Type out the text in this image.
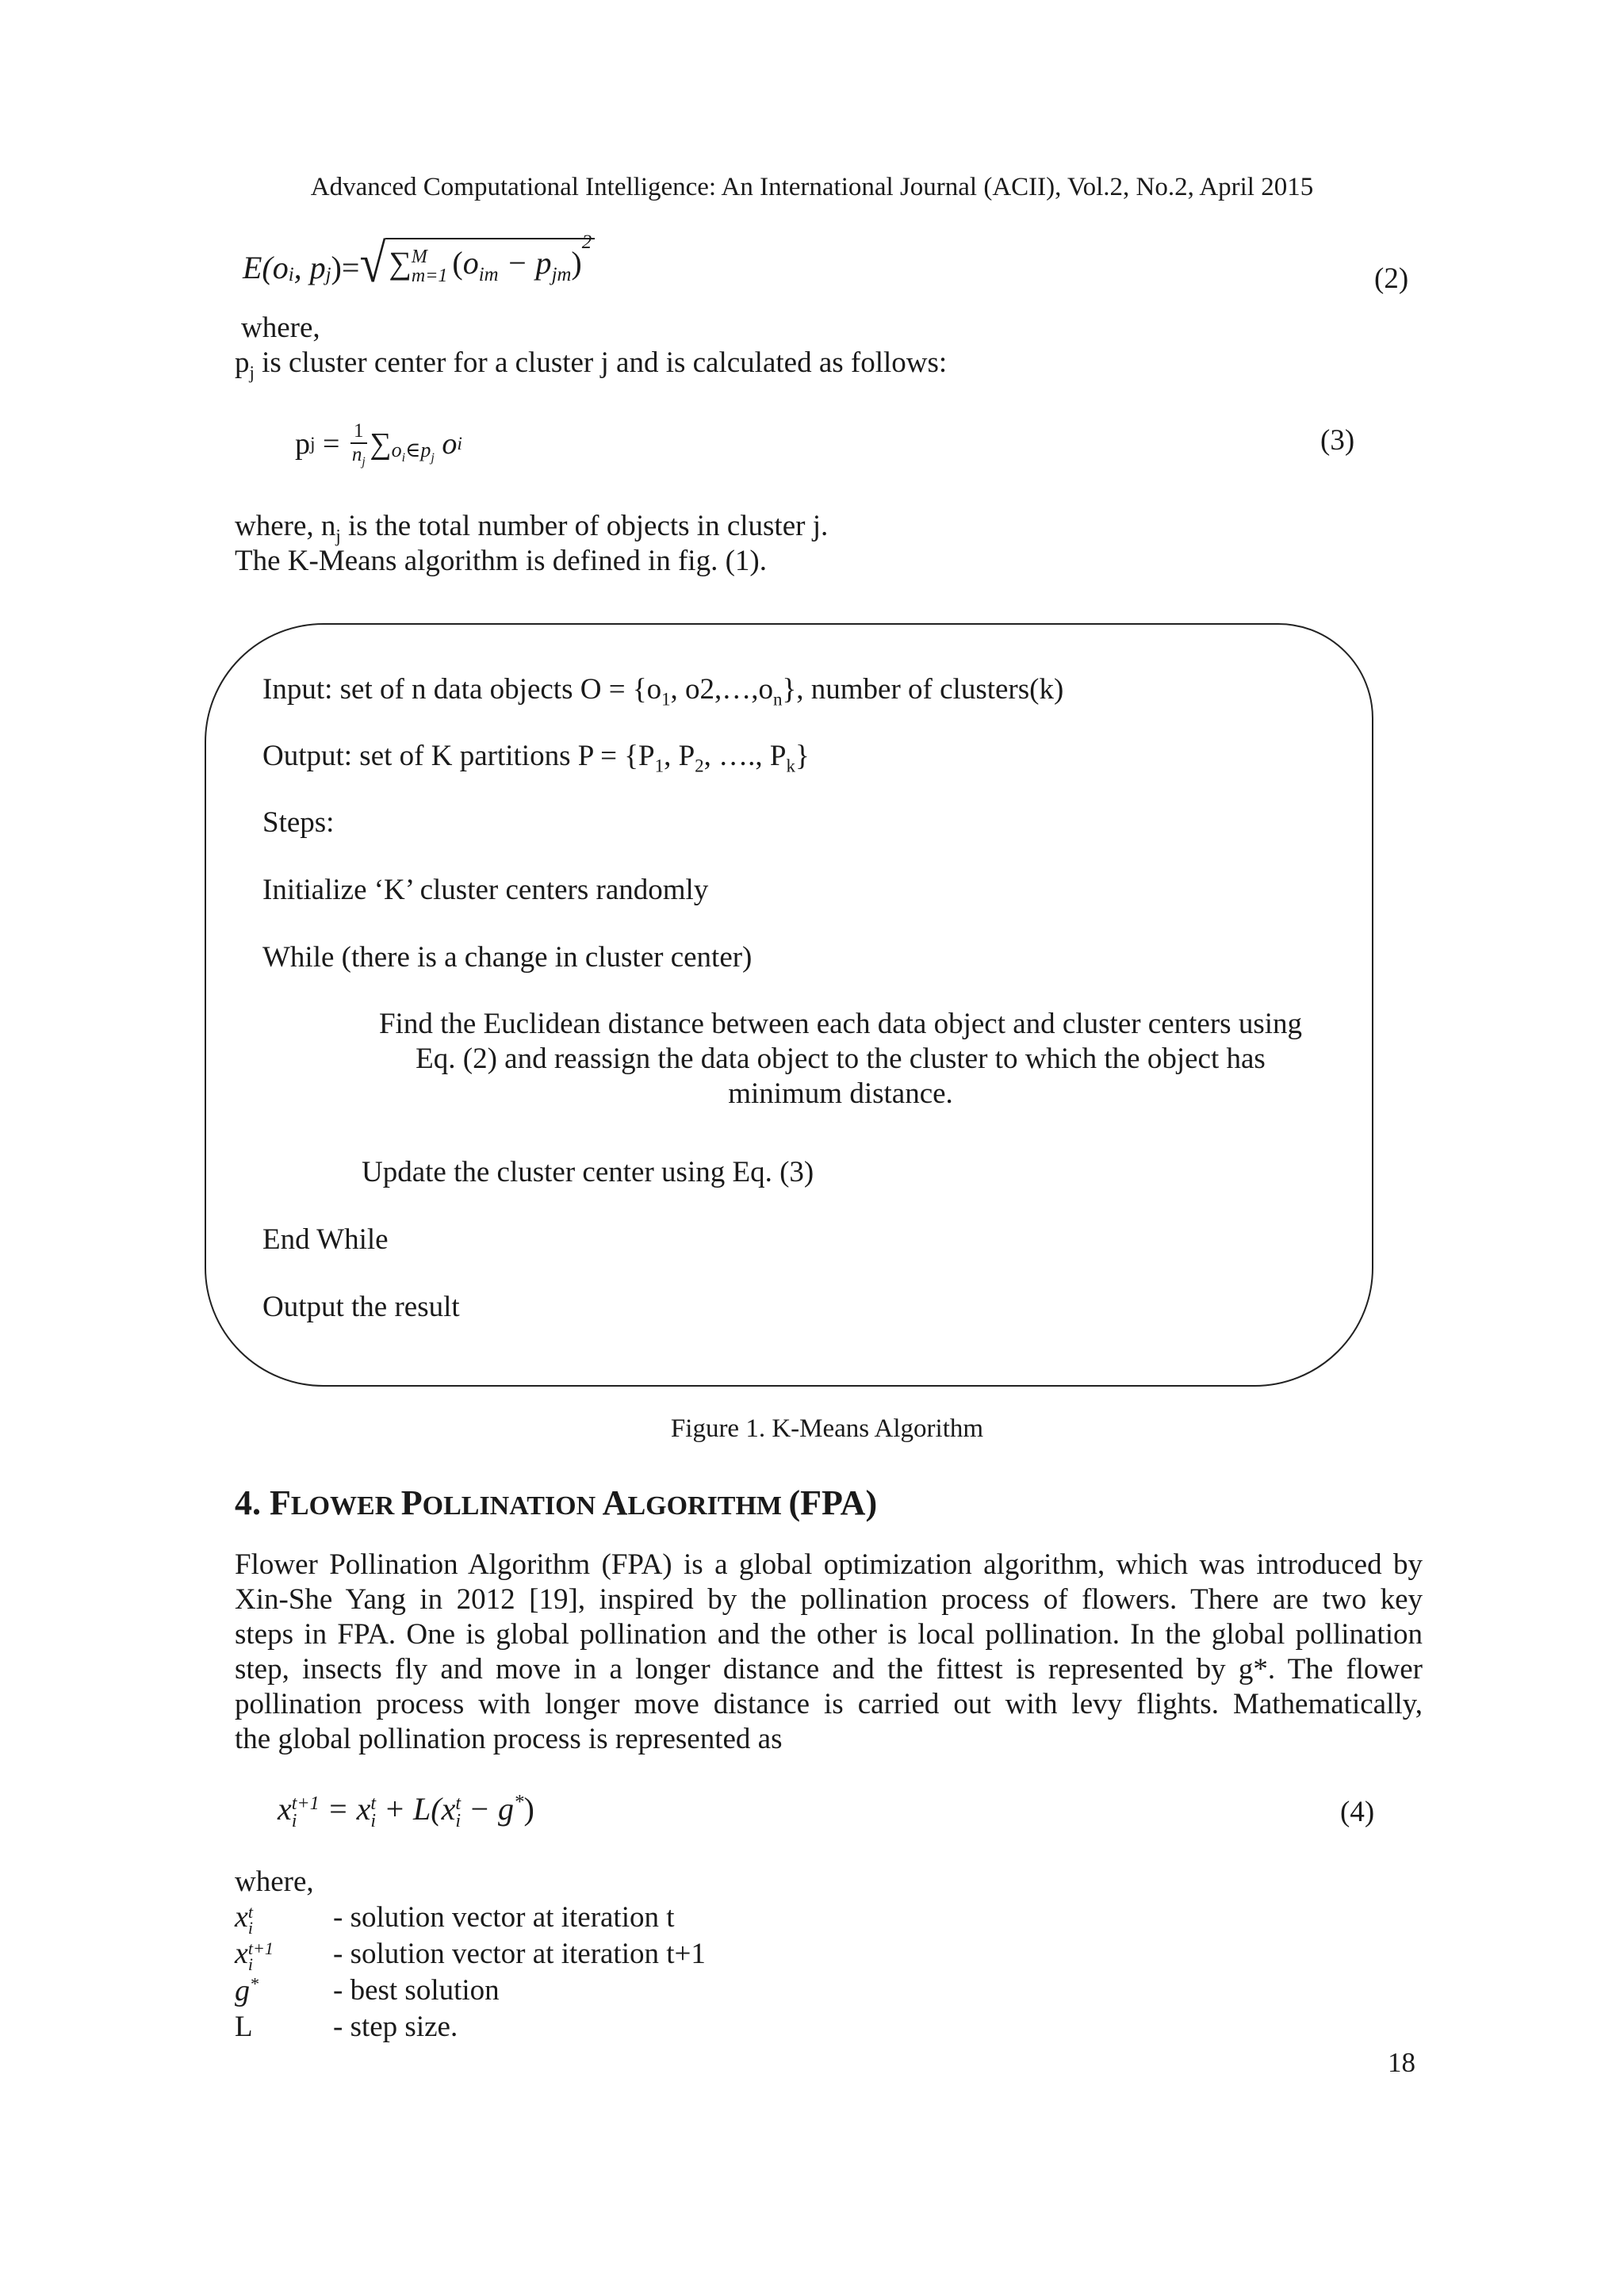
Advanced Computational Intelligence: An International Journal (ACII), Vol.2, No.2, April 2015
$E(o_i$ , $p_j$ )= √ ∑ M
m=1 $(o_{im} - p_{jm})^2$
(2)
where,
$p_j$ is cluster center for a cluster j and is calculated as follows:
p $j = \frac{1}{n_j}$ ∑ $o_i\in p_j$ o i	(3)
where, $n_j$ is the total number of objects in cluster j.
The K-Means algorithm is defined in fig. (1).
Input: set of n data objects $O = \{o_1$, $o2,\dots,o_n$}, number of clusters(k)
Output: set of K partitions $P = \{P_1$, $P_2$, …., $P_k$}
Steps:
Initialize ‘K’ cluster centers randomly
While (there is a change in cluster center)
Find the Euclidean distance between each data object and cluster centers using
Eq. (2) and reassign the data object to the cluster to which the object has
minimum distance.
Update the cluster center using Eq. (3)
End While
Output the result
Figure 1. K-Means Algorithm
4. FLOWER POLLINATION ALGORITHM (FPA)
Flower Pollination Algorithm (FPA) is a global optimization algorithm, which was introduced by
Xin-She Yang in 2012 [19], inspired by the pollination process of flowers. There are two key
steps in FPA. One is global pollination and the other is local pollination. In the global pollination
step, insects fly and move in a longer distance and the fittest is represented by g*. The flower
pollination process with longer move distance is carried out with levy flights. Mathematically,
the global pollination process is represented as
x t+1
i = x t
i + L(x t
i − g*)	(4)
where,
x t
i	- solution vector at iteration t
x t+1
i	- solution vector at iteration t+1
g*	- best solution
L	- step size.
18
